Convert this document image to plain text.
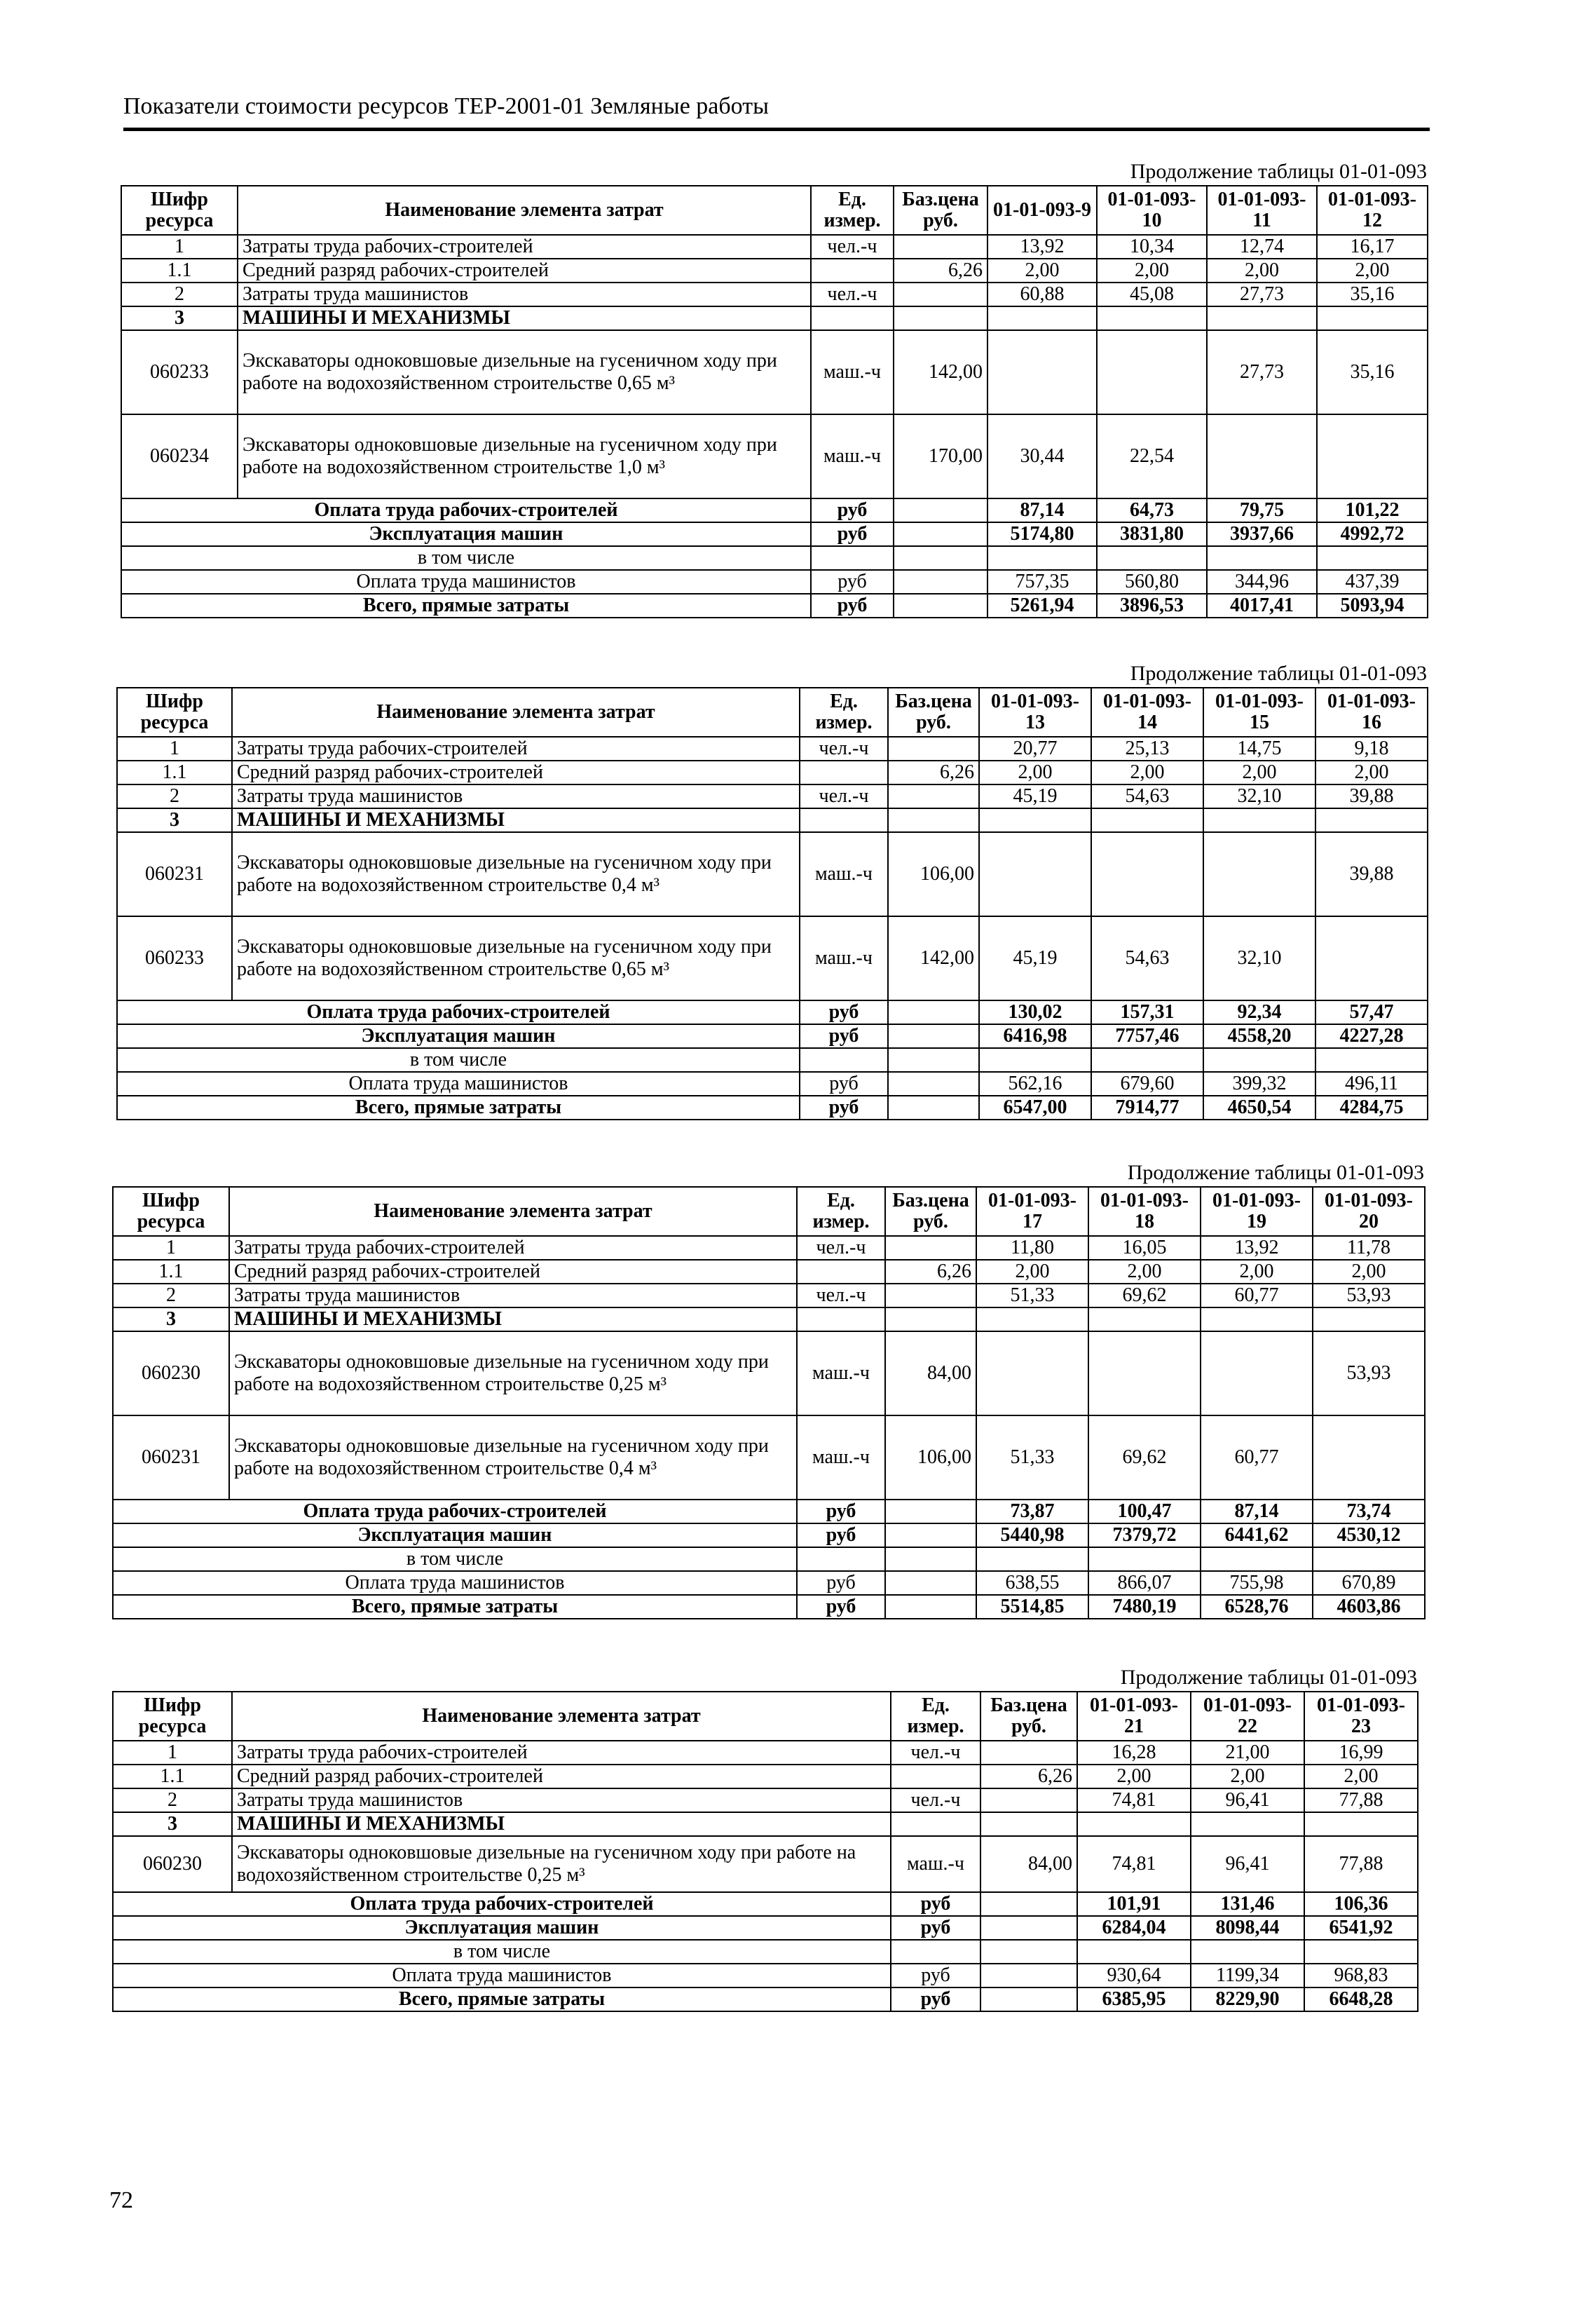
Показатели стоимости ресурсов ТЕР-2001-01 Земляные работы
Продолжение таблицы 01-01-093
Шифр ресурса	Наименование элемента затрат	Ед. измер.	Баз.цена руб.	01-01-093-9	01-01-093-10	01-01-093-11	01-01-093-12
1	Затраты труда рабочих-строителей	чел.-ч		13,92	10,34	12,74	16,17
1.1	Средний разряд рабочих-строителей		6,26	2,00	2,00	2,00	2,00
2	Затраты труда машинистов	чел.-ч		60,88	45,08	27,73	35,16
3	МАШИНЫ И МЕХАНИЗМЫ						
060233	Экскаваторы одноковшовые дизельные на гусеничном ходу при работе на водохозяйственном строительстве 0,65 м³	маш.-ч	142,00			27,73	35,16
060234	Экскаваторы одноковшовые дизельные на гусеничном ходу при работе на водохозяйственном строительстве 1,0 м³	маш.-ч	170,00	30,44	22,54		
Оплата труда рабочих-строителей		руб		87,14	64,73	79,75	101,22
Эксплуатация машин		руб		5174,80	3831,80	3937,66	4992,72
в том числе							
Оплата труда машинистов		руб		757,35	560,80	344,96	437,39
Всего, прямые затраты		руб		5261,94	3896,53	4017,41	5093,94
Продолжение таблицы 01-01-093
Шифр ресурса	Наименование элемента затрат	Ед. измер.	Баз.цена руб.	01-01-093-13	01-01-093-14	01-01-093-15	01-01-093-16
1	Затраты труда рабочих-строителей	чел.-ч		20,77	25,13	14,75	9,18
1.1	Средний разряд рабочих-строителей		6,26	2,00	2,00	2,00	2,00
2	Затраты труда машинистов	чел.-ч		45,19	54,63	32,10	39,88
3	МАШИНЫ И МЕХАНИЗМЫ						
060231	Экскаваторы одноковшовые дизельные на гусеничном ходу при работе на водохозяйственном строительстве 0,4 м³	маш.-ч	106,00				39,88
060233	Экскаваторы одноковшовые дизельные на гусеничном ходу при работе на водохозяйственном строительстве 0,65 м³	маш.-ч	142,00	45,19	54,63	32,10	
Оплата труда рабочих-строителей		руб		130,02	157,31	92,34	57,47
Эксплуатация машин		руб		6416,98	7757,46	4558,20	4227,28
в том числе							
Оплата труда машинистов		руб		562,16	679,60	399,32	496,11
Всего, прямые затраты		руб		6547,00	7914,77	4650,54	4284,75
Продолжение таблицы 01-01-093
Шифр ресурса	Наименование элемента затрат	Ед. измер.	Баз.цена руб.	01-01-093-17	01-01-093-18	01-01-093-19	01-01-093-20
1	Затраты труда рабочих-строителей	чел.-ч		11,80	16,05	13,92	11,78
1.1	Средний разряд рабочих-строителей		6,26	2,00	2,00	2,00	2,00
2	Затраты труда машинистов	чел.-ч		51,33	69,62	60,77	53,93
3	МАШИНЫ И МЕХАНИЗМЫ						
060230	Экскаваторы одноковшовые дизельные на гусеничном ходу при работе на водохозяйственном строительстве 0,25 м³	маш.-ч	84,00				53,93
060231	Экскаваторы одноковшовые дизельные на гусеничном ходу при работе на водохозяйственном строительстве 0,4 м³	маш.-ч	106,00	51,33	69,62	60,77	
Оплата труда рабочих-строителей		руб		73,87	100,47	87,14	73,74
Эксплуатация машин		руб		5440,98	7379,72	6441,62	4530,12
в том числе							
Оплата труда машинистов		руб		638,55	866,07	755,98	670,89
Всего, прямые затраты		руб		5514,85	7480,19	6528,76	4603,86
Продолжение таблицы 01-01-093
Шифр ресурса	Наименование элемента затрат	Ед. измер.	Баз.цена руб.	01-01-093-21	01-01-093-22	01-01-093-23
1	Затраты труда рабочих-строителей	чел.-ч		16,28	21,00	16,99
1.1	Средний разряд рабочих-строителей		6,26	2,00	2,00	2,00
2	Затраты труда машинистов	чел.-ч		74,81	96,41	77,88
3	МАШИНЫ И МЕХАНИЗМЫ					
060230	Экскаваторы одноковшовые дизельные на гусеничном ходу при работе на водохозяйственном строительстве 0,25 м³	маш.-ч	84,00	74,81	96,41	77,88
Оплата труда рабочих-строителей		руб		101,91	131,46	106,36
Эксплуатация машин		руб		6284,04	8098,44	6541,92
в том числе						
Оплата труда машинистов		руб		930,64	1199,34	968,83
Всего, прямые затраты		руб		6385,95	8229,90	6648,28
72
